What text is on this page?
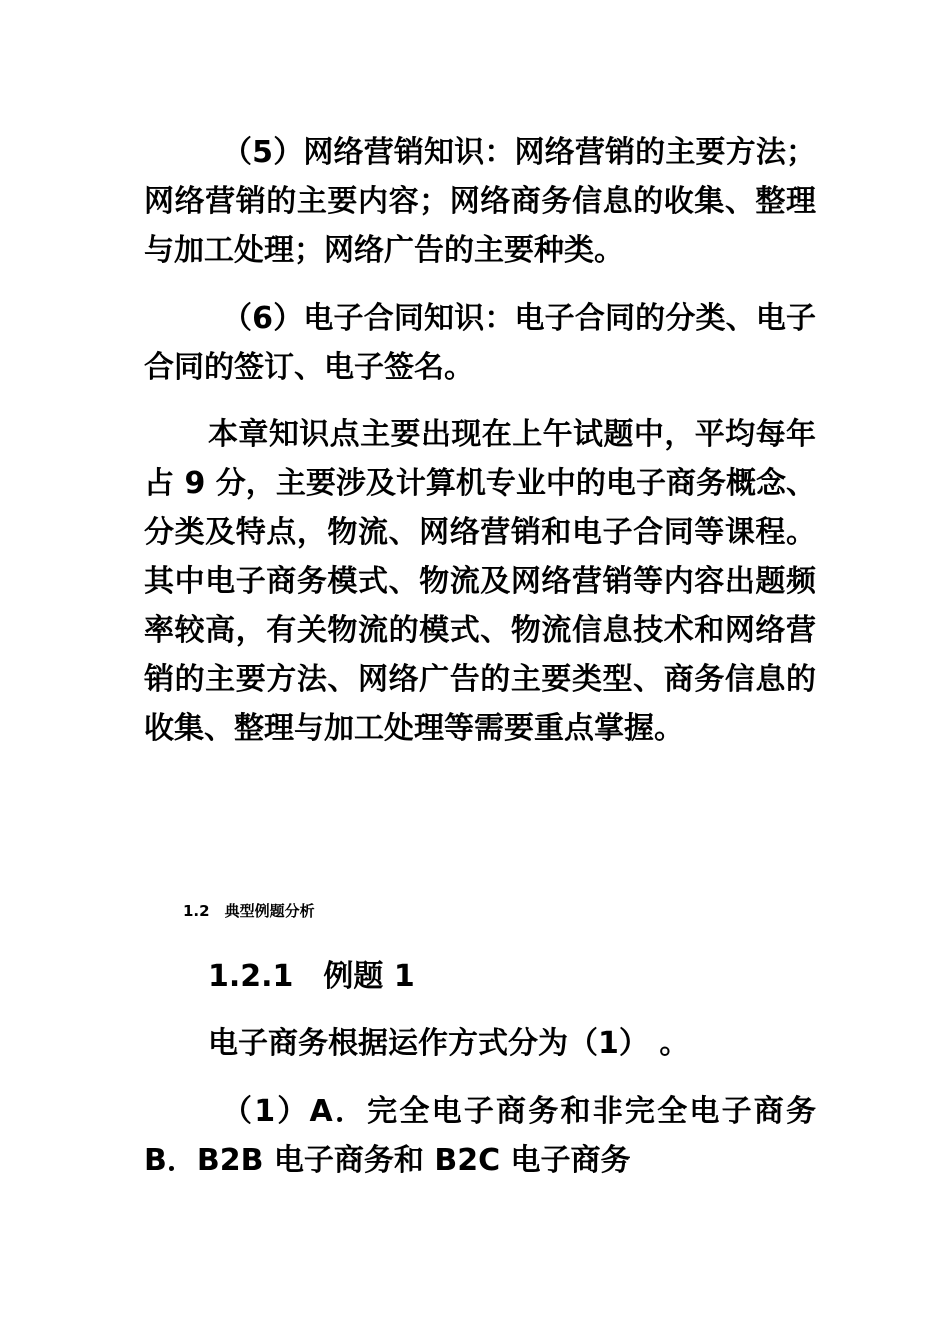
（5）网络营销知识：网络营销的主要方法；网络营销的主要内容；网络商务信息的收集、整理与加工处理；网络广告的主要种类。

（6）电子合同知识：电子合同的分类、电子合同的签订、电子签名。

本章知识点主要出现在上午试题中，平均每年占 9 分，主要涉及计算机专业中的电子商务概念、分类及特点，物流、网络营销和电子合同等课程。其中电子商务模式、物流及网络营销等内容出题频率较高，有关物流的模式、物流信息技术和网络营销的主要方法、网络广告的主要类型、商务信息的收集、整理与加工处理等需要重点掌握。

1.2　典型例题分析

1.2.1　例题 1

电子商务根据运作方式分为（1） 。

（1）A．完全电子商务和非完全电子商务　　B．B2B 电子商务和 B2C 电子商务
